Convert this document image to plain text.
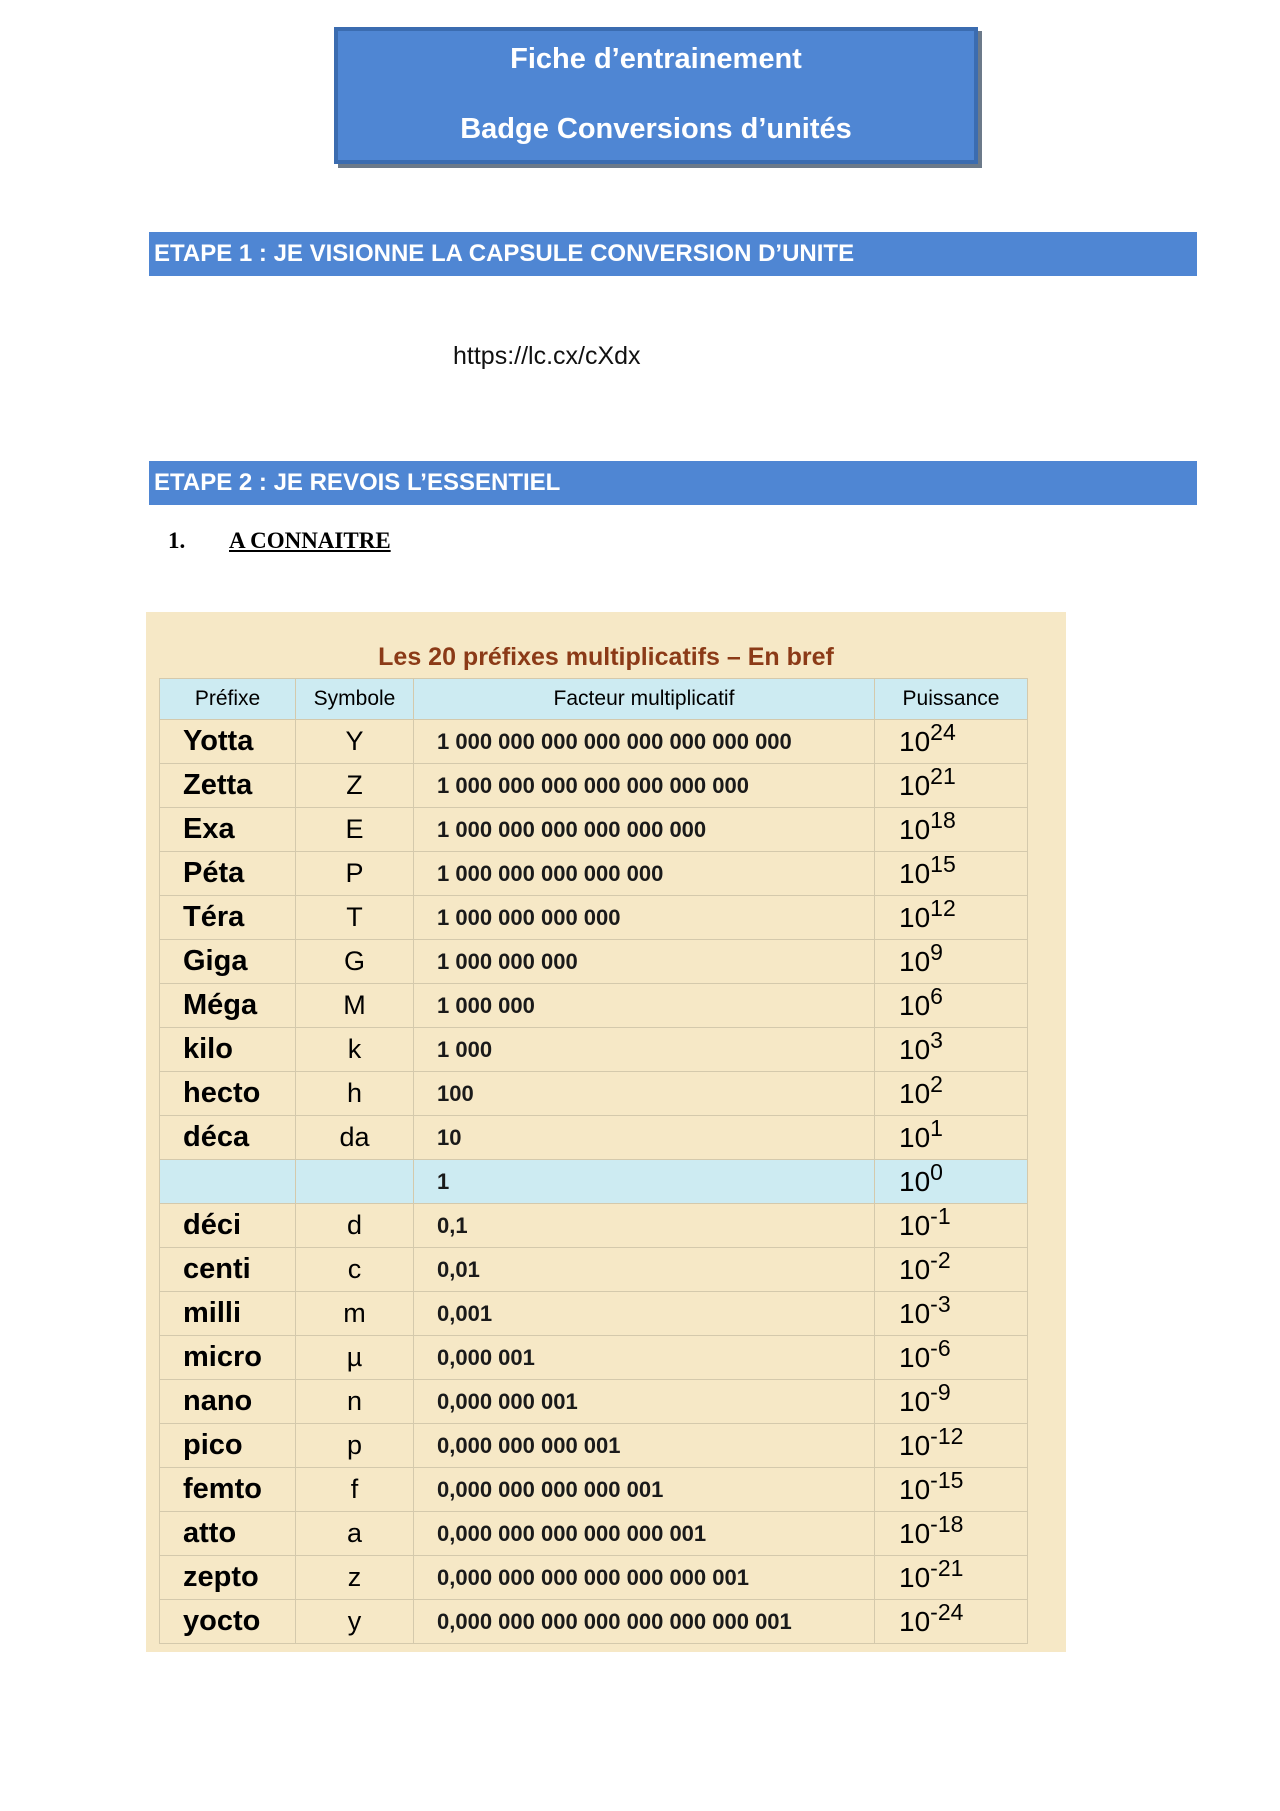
Fiche d’entrainement
Badge Conversions d’unités
ETAPE 1 : JE VISIONNE LA CAPSULE CONVERSION D’UNITE
https://lc.cx/cXdx
ETAPE 2 : JE REVOIS L’ESSENTIEL
1. A CONNAITRE
Les 20 préfixes multiplicatifs – En bref
Préfixe	Symbole	Facteur multiplicatif	Puissance
Yotta	Y	1 000 000 000 000 000 000 000 000	$10^{24}$
Zetta	Z	1 000 000 000 000 000 000 000	$10^{21}$
Exa	E	1 000 000 000 000 000 000	$10^{18}$
Péta	P	1 000 000 000 000 000	$10^{15}$
Téra	T	1 000 000 000 000	$10^{12}$
Giga	G	1 000 000 000	$10^9$
Méga	M	1 000 000	$10^6$
kilo	k	1 000	$10^3$
hecto	h	100	$10^2$
déca	da	10	$10^1$
		1	$10^0$
déci	d	0,1	$10^{-1}$
centi	c	0,01	$10^{-2}$
milli	m	0,001	$10^{-3}$
micro	µ	0,000 001	$10^{-6}$
nano	n	0,000 000 001	$10^{-9}$
pico	p	0,000 000 000 001	$10^{-12}$
femto	f	0,000 000 000 000 001	$10^{-15}$
atto	a	0,000 000 000 000 000 001	$10^{-18}$
zepto	z	0,000 000 000 000 000 000 001	$10^{-21}$
yocto	y	0,000 000 000 000 000 000 000 001	$10^{-24}$
